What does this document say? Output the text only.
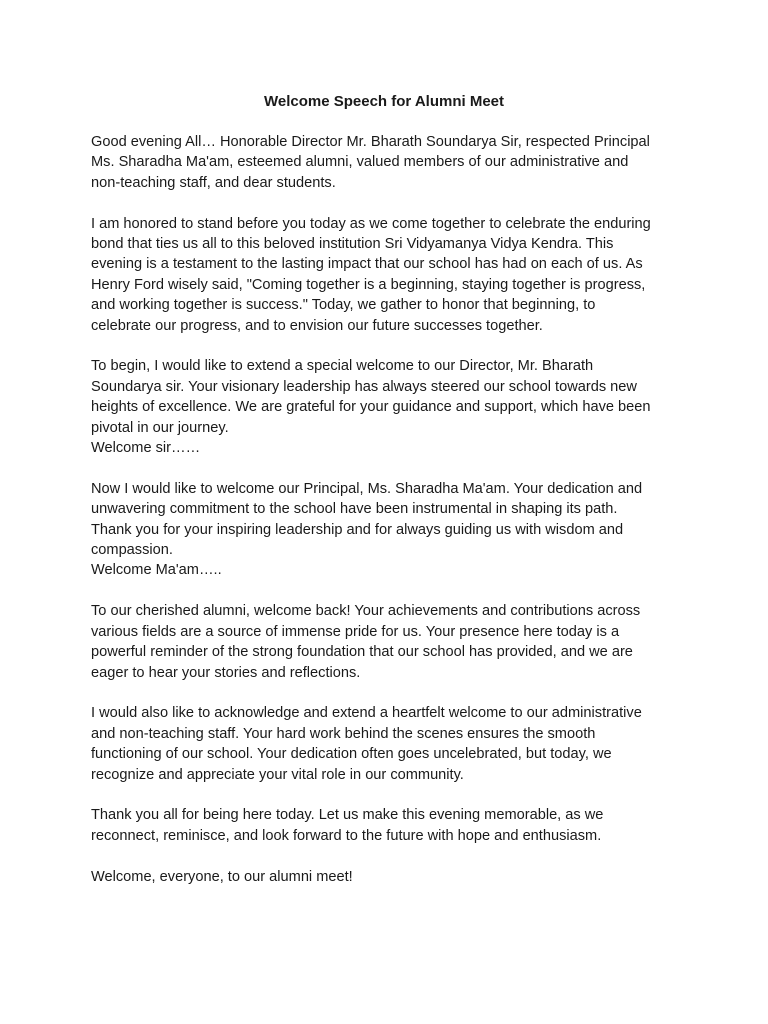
Welcome Speech for Alumni Meet

Good evening All… Honorable Director Mr. Bharath Soundarya Sir, respected Principal
Ms. Sharadha Ma'am, esteemed alumni, valued members of our administrative and
non-teaching staff, and dear students.

I am honored to stand before you today as we come together to celebrate the enduring
bond that ties us all to this beloved institution Sri Vidyamanya Vidya Kendra. This
evening is a testament to the lasting impact that our school has had on each of us. As
Henry Ford wisely said, "Coming together is a beginning, staying together is progress,
and working together is success." Today, we gather to honor that beginning, to
celebrate our progress, and to envision our future successes together.

To begin, I would like to extend a special welcome to our Director, Mr. Bharath
Soundarya sir. Your visionary leadership has always steered our school towards new
heights of excellence. We are grateful for your guidance and support, which have been
pivotal in our journey.
Welcome sir……

Now I would like to welcome our Principal, Ms. Sharadha Ma'am. Your dedication and
unwavering commitment to the school have been instrumental in shaping its path.
Thank you for your inspiring leadership and for always guiding us with wisdom and
compassion.
Welcome Ma'am…..

To our cherished alumni, welcome back! Your achievements and contributions across
various fields are a source of immense pride for us. Your presence here today is a
powerful reminder of the strong foundation that our school has provided, and we are
eager to hear your stories and reflections.

I would also like to acknowledge and extend a heartfelt welcome to our administrative
and non-teaching staff. Your hard work behind the scenes ensures the smooth
functioning of our school. Your dedication often goes uncelebrated, but today, we
recognize and appreciate your vital role in our community.

Thank you all for being here today. Let us make this evening memorable, as we
reconnect, reminisce, and look forward to the future with hope and enthusiasm.

Welcome, everyone, to our alumni meet!
